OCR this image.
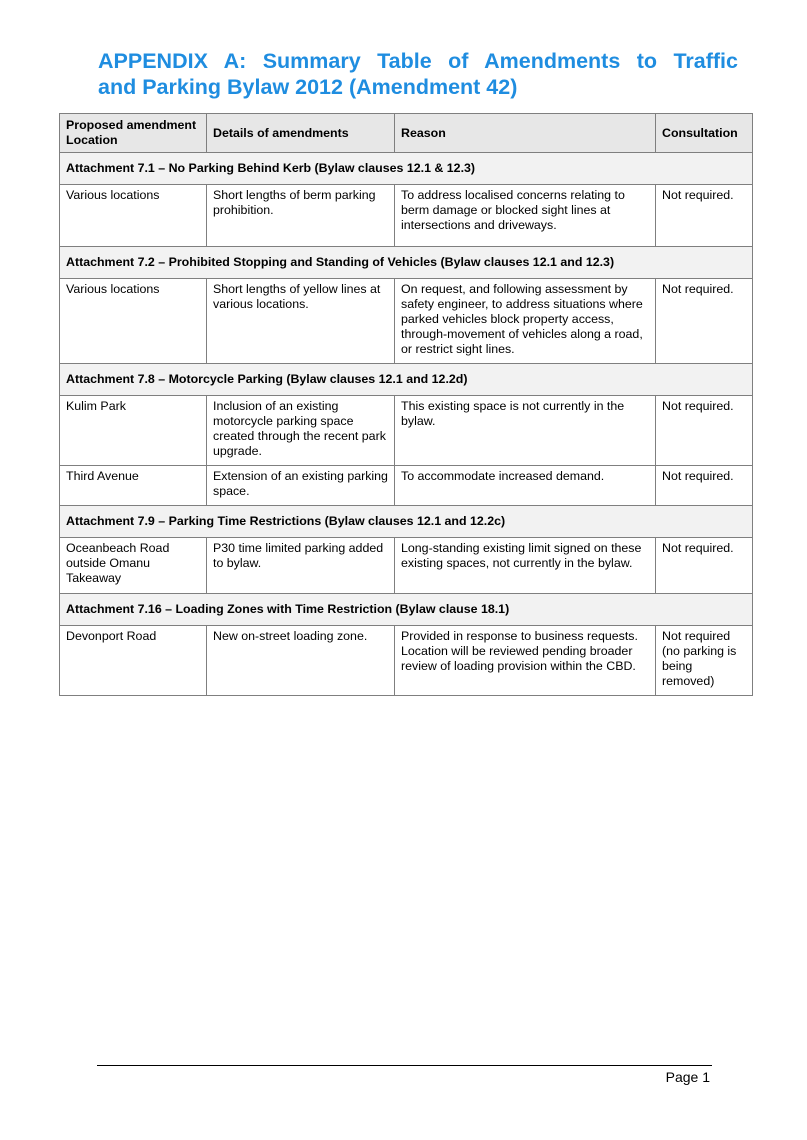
APPENDIX A: Summary Table of Amendments to Traffic
and Parking Bylaw 2012 (Amendment 42)
Proposed amendment
Location	Details of amendments	Reason	Consultation
Attachment 7.1 – No Parking Behind Kerb (Bylaw clauses 12.1 & 12.3)			
Various locations	Short lengths of berm parking prohibition.	To address localised concerns relating to berm damage or blocked sight lines at intersections and driveways.	Not required.
Attachment 7.2 – Prohibited Stopping and Standing of Vehicles (Bylaw clauses 12.1 and 12.3)			
Various locations	Short lengths of yellow lines at various locations.	On request, and following assessment by safety engineer, to address situations where parked vehicles block property access, through-movement of vehicles along a road, or restrict sight lines.	Not required.
Attachment 7.8 – Motorcycle Parking (Bylaw clauses 12.1 and 12.2d)			
Kulim Park	Inclusion of an existing motorcycle parking space created through the recent park upgrade.	This existing space is not currently in the bylaw.	Not required.
Third Avenue	Extension of an existing parking space.	To accommodate increased demand.	Not required.
Attachment 7.9 – Parking Time Restrictions (Bylaw clauses 12.1 and 12.2c)			
Oceanbeach Road outside Omanu Takeaway	P30 time limited parking added to bylaw.	Long-standing existing limit signed on these existing spaces, not currently in the bylaw.	Not required.
Attachment 7.16 – Loading Zones with Time Restriction (Bylaw clause 18.1)			
Devonport Road	New on-street loading zone.	Provided in response to business requests. Location will be reviewed pending broader review of loading provision within the CBD.	Not required (no parking is being removed)
Page 1
